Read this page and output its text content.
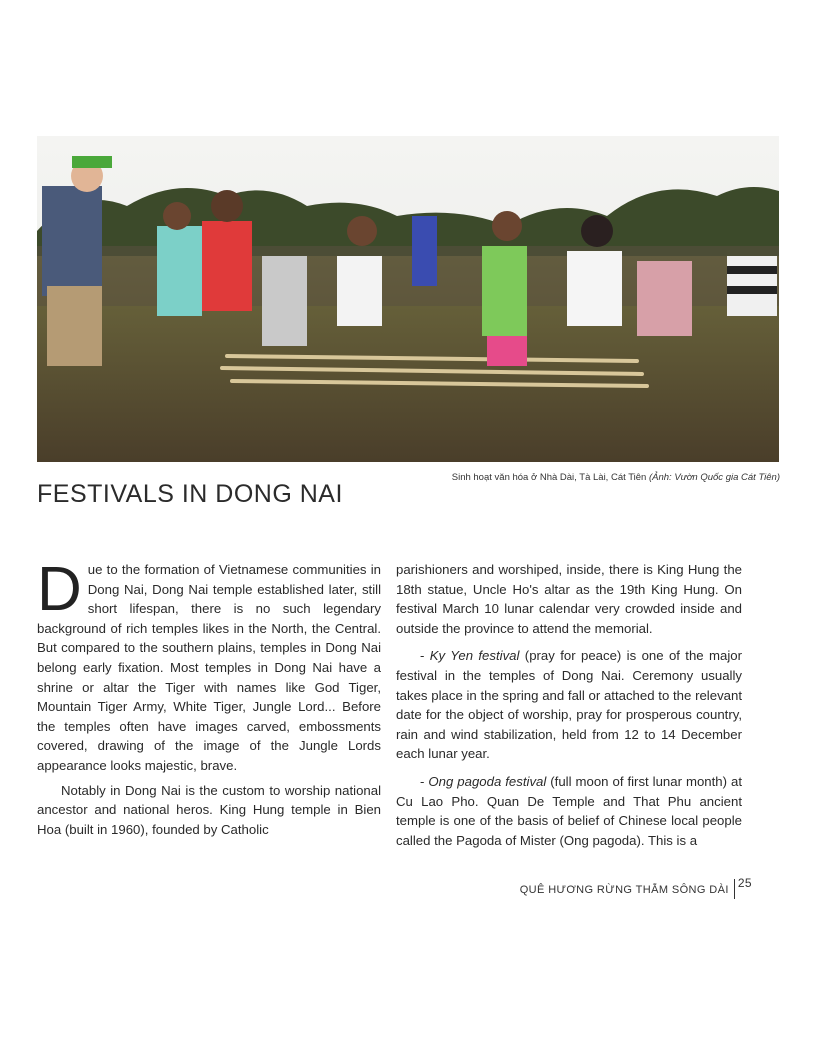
Sinh hoạt văn hóa ở Nhà Dài, Tà Lài, Cát Tiên (Ảnh: Vườn Quốc gia Cát Tiên)
FESTIVALS IN DONG NAI

Due to the formation of Vietnamese communities in Dong Nai, Dong Nai temple established later, still short lifespan, there is no such legendary background of rich temples likes in the North, the Central. But compared to the southern plains, temples in Dong Nai belong early fixation. Most temples in Dong Nai have a shrine or altar the Tiger with names like God Tiger, Mountain Tiger Army, White Tiger, Jungle Lord... Before the temples often have images carved, embossments covered, drawing of the image of the Jungle Lords appearance looks majestic, brave.

Notably in Dong Nai is the custom to worship national ancestor and national heros. King Hung temple in Bien Hoa (built in 1960), founded by Catholic

parishioners and worshiped, inside, there is King Hung the 18th statue, Uncle Ho's altar as the 19th King Hung. On festival March 10 lunar calendar very crowded inside and outside the province to attend the memorial.

- Ky Yen festival (pray for peace) is one of the major festival in the temples of Dong Nai. Ceremony usually takes place in the spring and fall or attached to the relevant date for the object of worship, pray for prosperous country, rain and wind stabilization, held from 12 to 14 December each lunar year.

- Ong pagoda festival (full moon of first lunar month) at Cu Lao Pho. Quan De Temple and That Phu ancient temple is one of the basis of belief of Chinese local people called the Pagoda of Mister (Ong pagoda). This is a

QUÊ HƯƠNG RỪNG THẲM SÔNG DÀI 25
